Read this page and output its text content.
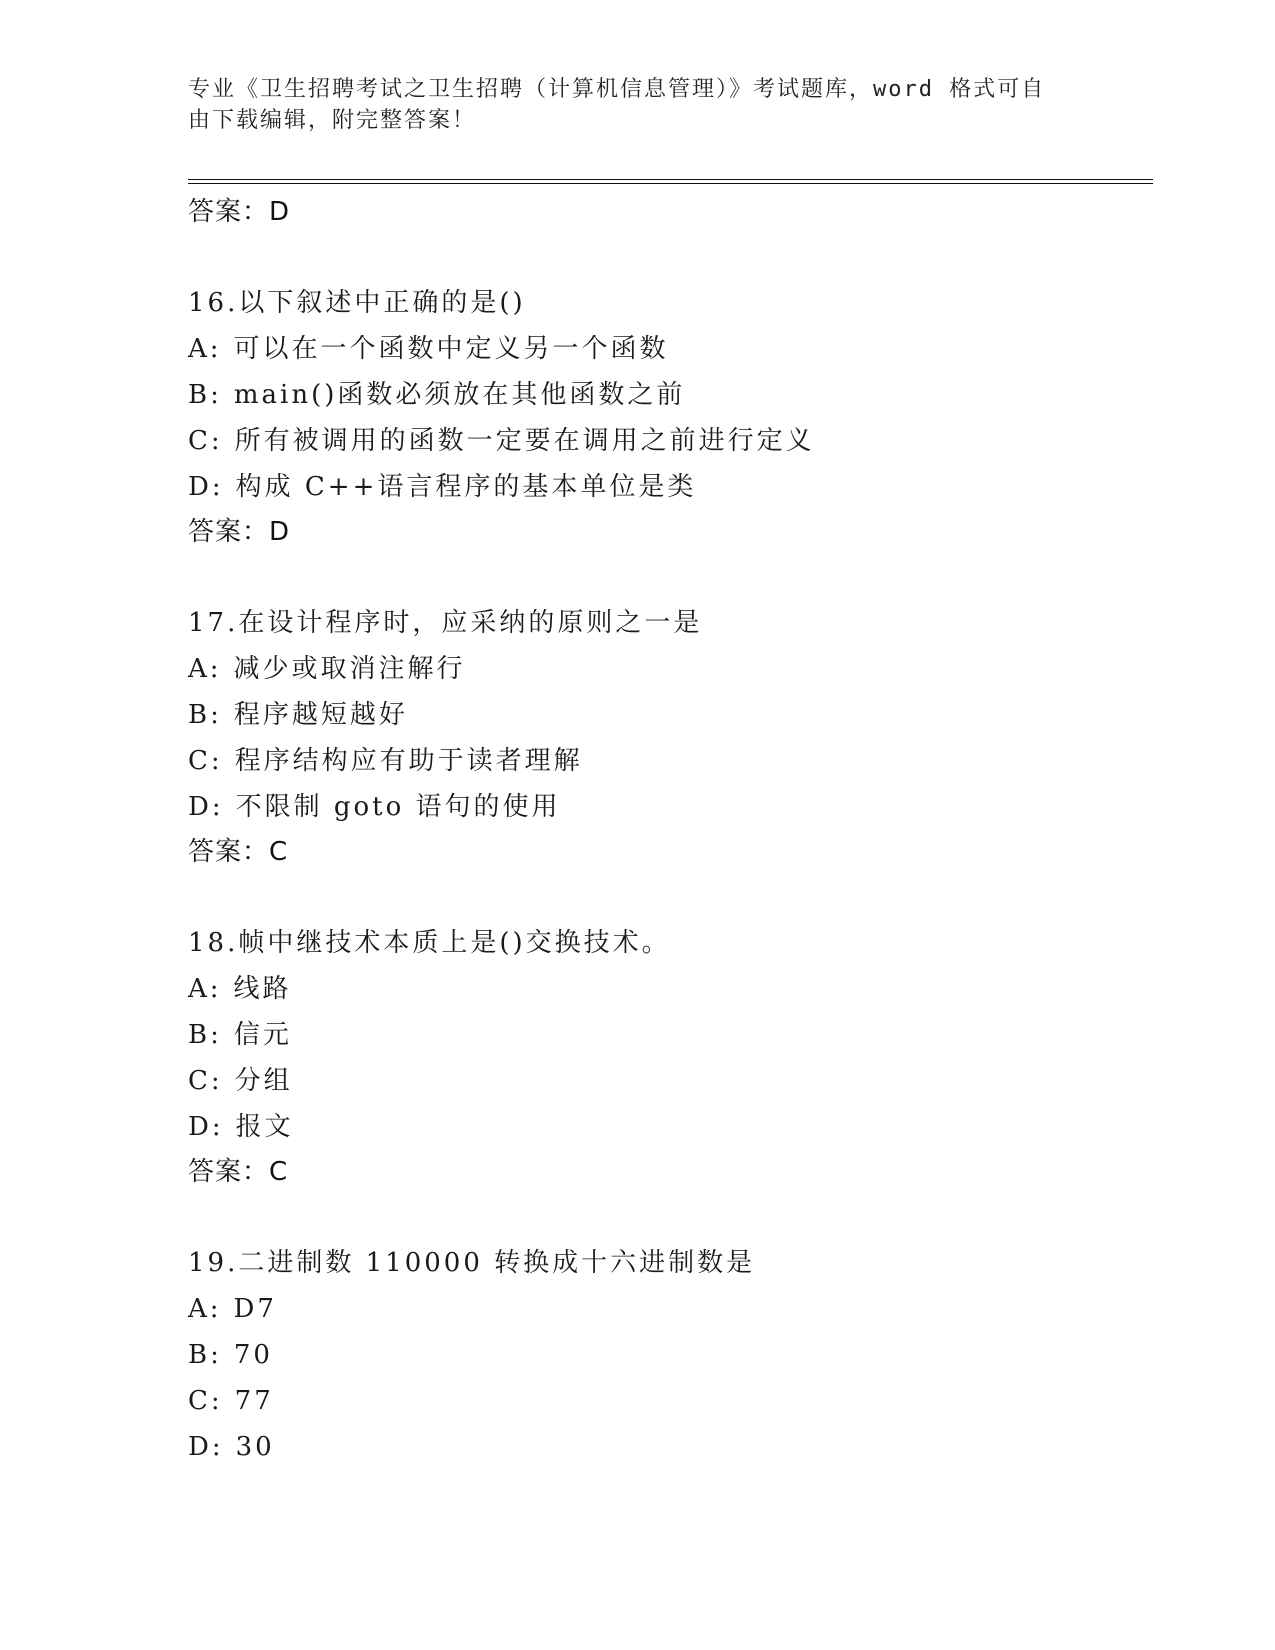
专业《卫生招聘考试之卫生招聘（计算机信息管理）》考试题库，word 格式可自
由下载编辑，附完整答案！
答案：D
16.以下叙述中正确的是()
A: 可以在一个函数中定义另一个函数
B: main()函数必须放在其他函数之前
C: 所有被调用的函数一定要在调用之前进行定义
D: 构成 C++语言程序的基本单位是类
答案：D
17.在设计程序时，应采纳的原则之一是
A: 减少或取消注解行
B: 程序越短越好
C: 程序结构应有助于读者理解
D: 不限制 goto 语句的使用
答案：C
18.帧中继技术本质上是()交换技术。
A: 线路
B: 信元
C: 分组
D: 报文
答案：C
19.二进制数 110000 转换成十六进制数是
A: D7
B: 70
C: 77
D: 30
